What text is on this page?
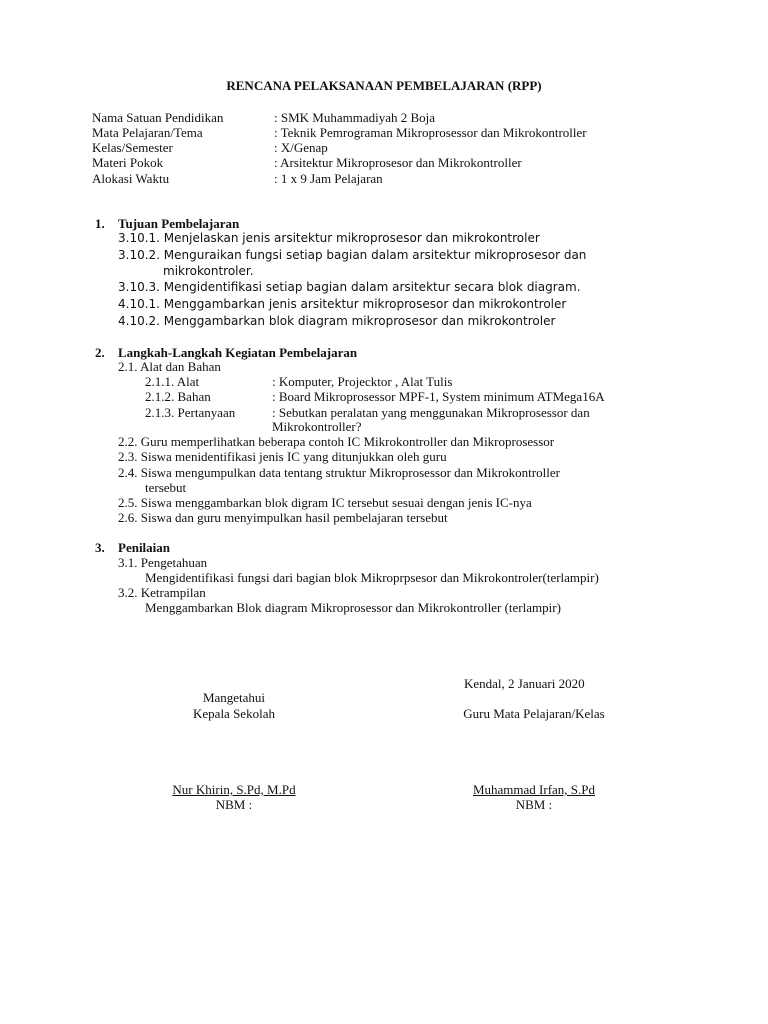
RENCANA PELAKSANAAN PEMBELAJARAN (RPP)
Nama Satuan Pendidikan	: SMK Muhammadiyah 2 Boja
Mata Pelajaran/Tema	: Teknik Pemrograman Mikroprosessor dan Mikrokontroller
Kelas/Semester	: X/Genap
Materi Pokok	: Arsitektur Mikroprosesor dan Mikrokontroller
Alokasi Waktu	: 1 x 9 Jam Pelajaran
1. Tujuan Pembelajaran
3.10.1. Menjelaskan jenis arsitektur mikroprosesor dan mikrokontroler
3.10.2. Menguraikan fungsi setiap bagian dalam arsitektur mikroprosesor dan
mikrokontroler.
3.10.3. Mengidentifikasi setiap bagian dalam arsitektur secara blok diagram.
4.10.1. Menggambarkan jenis arsitektur mikroprosesor dan mikrokontroler
4.10.2. Menggambarkan blok diagram mikroprosesor dan mikrokontroler
2. Langkah-Langkah Kegiatan Pembelajaran
2.1. Alat dan Bahan
2.1.1. Alat	: Komputer, Projecktor , Alat Tulis
2.1.2. Bahan	: Board Mikroprosessor MPF-1, System minimum ATMega16A
2.1.3. Pertanyaan	: Sebutkan peralatan yang menggunakan Mikroprosessor dan
Mikrokontroller?
2.2. Guru memperlihatkan beberapa contoh IC Mikrokontroller dan Mikroprosessor
2.3. Siswa menidentifikasi jenis IC yang ditunjukkan oleh guru
2.4. Siswa mengumpulkan data tentang struktur Mikroprosessor dan Mikrokontroller
tersebut
2.5. Siswa menggambarkan blok digram IC tersebut sesuai dengan jenis IC-nya
2.6. Siswa dan guru menyimpulkan hasil pembelajaran tersebut
3. Penilaian
3.1. Pengetahuan
Mengidentifikasi fungsi dari bagian blok Mikroprpsesor dan Mikrokontroler(terlampir)
3.2. Ketrampilan
Menggambarkan Blok diagram Mikroprosessor dan Mikrokontroller (terlampir)
Kendal, 2 Januari 2020
Mangetahui
Kepala Sekolah	Guru Mata Pelajaran/Kelas
Nur Khirin, S.Pd, M.Pd	Muhammad Irfan, S.Pd
NBM :	NBM :
